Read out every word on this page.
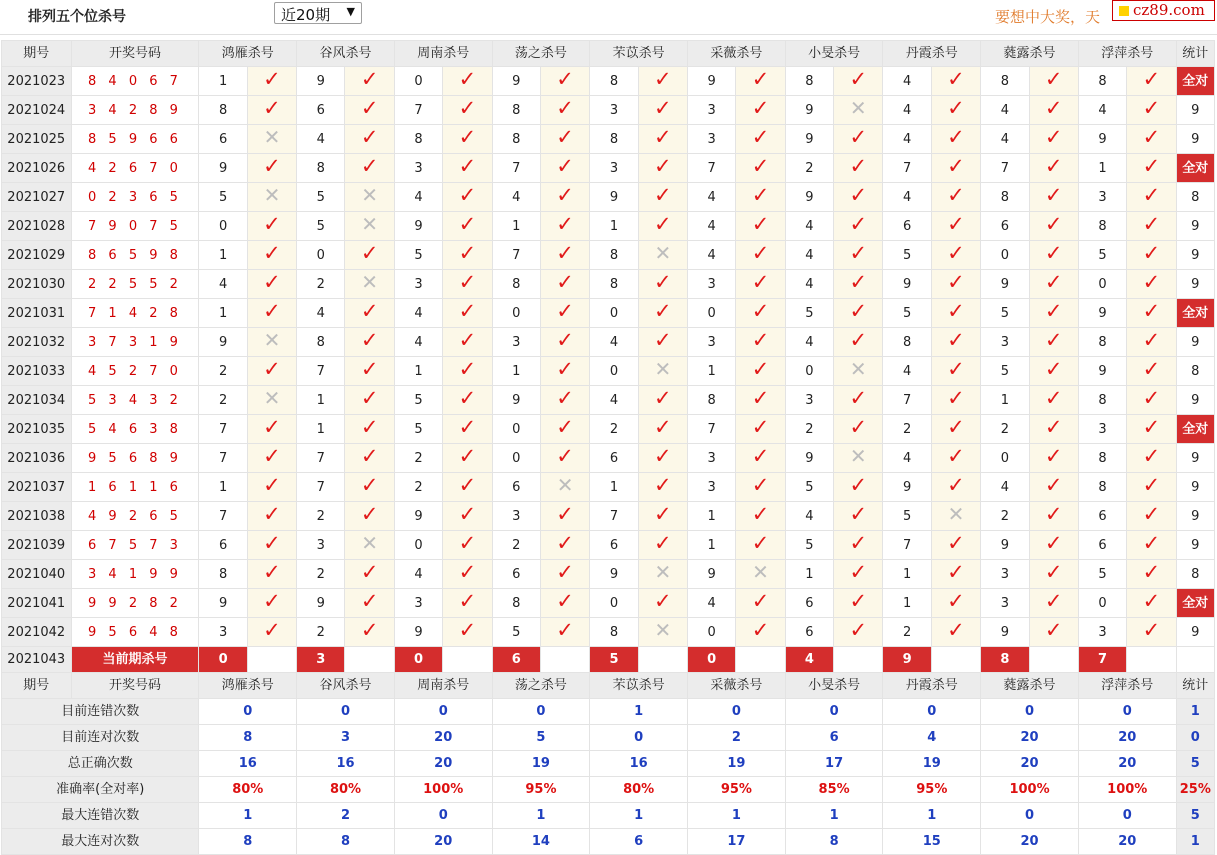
排列五个位杀号	近20期 ▼	要想中大奖，天 cz89.com
期号	开奖号码	鸿雁杀号		谷风杀号		周南杀号		荡之杀号		芣苡杀号		采薇杀号		小旻杀号		丹霞杀号		蕤露杀号		浮萍杀号		统计
2021023	8 4 0 6 7	1	✓	9	✓	0	✓	9	✓	8	✓	9	✓	8	✓	4	✓	8	✓	8	✓	全对
2021024	3 4 2 8 9	8	✓	6	✓	7	✓	8	✓	3	✓	3	✓	9	✕	4	✓	4	✓	4	✓	9
2021025	8 5 9 6 6	6	✕	4	✓	8	✓	8	✓	8	✓	3	✓	9	✓	4	✓	4	✓	9	✓	9
2021026	4 2 6 7 0	9	✓	8	✓	3	✓	7	✓	3	✓	7	✓	2	✓	7	✓	7	✓	1	✓	全对
2021027	0 2 3 6 5	5	✕	5	✕	4	✓	4	✓	9	✓	4	✓	9	✓	4	✓	8	✓	3	✓	8
2021028	7 9 0 7 5	0	✓	5	✕	9	✓	1	✓	1	✓	4	✓	4	✓	6	✓	6	✓	8	✓	9
2021029	8 6 5 9 8	1	✓	0	✓	5	✓	7	✓	8	✕	4	✓	4	✓	5	✓	0	✓	5	✓	9
2021030	2 2 5 5 2	4	✓	2	✕	3	✓	8	✓	8	✓	3	✓	4	✓	9	✓	9	✓	0	✓	9
2021031	7 1 4 2 8	1	✓	4	✓	4	✓	0	✓	0	✓	0	✓	5	✓	5	✓	5	✓	9	✓	全对
2021032	3 7 3 1 9	9	✕	8	✓	4	✓	3	✓	4	✓	3	✓	4	✓	8	✓	3	✓	8	✓	9
2021033	4 5 2 7 0	2	✓	7	✓	1	✓	1	✓	0	✕	1	✓	0	✕	4	✓	5	✓	9	✓	8
2021034	5 3 4 3 2	2	✕	1	✓	5	✓	9	✓	4	✓	8	✓	3	✓	7	✓	1	✓	8	✓	9
2021035	5 4 6 3 8	7	✓	1	✓	5	✓	0	✓	2	✓	7	✓	2	✓	2	✓	2	✓	3	✓	全对
2021036	9 5 6 8 9	7	✓	7	✓	2	✓	0	✓	6	✓	3	✓	9	✕	4	✓	0	✓	8	✓	9
2021037	1 6 1 1 6	1	✓	7	✓	2	✓	6	✕	1	✓	3	✓	5	✓	9	✓	4	✓	8	✓	9
2021038	4 9 2 6 5	7	✓	2	✓	9	✓	3	✓	7	✓	1	✓	4	✓	5	✕	2	✓	6	✓	9
2021039	6 7 5 7 3	6	✓	3	✕	0	✓	2	✓	6	✓	1	✓	5	✓	7	✓	9	✓	6	✓	9
2021040	3 4 1 9 9	8	✓	2	✓	4	✓	6	✓	9	✕	9	✕	1	✓	1	✓	3	✓	5	✓	8
2021041	9 9 2 8 2	9	✓	9	✓	3	✓	8	✓	0	✓	4	✓	6	✓	1	✓	3	✓	0	✓	全对
2021042	9 5 6 4 8	3	✓	2	✓	9	✓	5	✓	8	✕	0	✓	6	✓	2	✓	9	✓	3	✓	9
2021043	当前期杀号	0		3		0		6		5		0		4		9		8		7		
期号	开奖号码	鸿雁杀号		谷风杀号		周南杀号		荡之杀号		芣苡杀号		采薇杀号		小旻杀号		丹霞杀号		蕤露杀号		浮萍杀号		统计
目前连错次数		0		0		0		0		1		0		0		0		0		0		1
目前连对次数		8		3		20		5		0		2		6		4		20		20		0
总正确次数		16		16		20		19		16		19		17		19		20		20		5
准确率(全对率)		80%		80%		100%		95%		80%		95%		85%		95%		100%		100%		25%
最大连错次数		1		2		0		1		1		1		1		1		0		0		5
最大连对次数		8		8		20		14		6		17		8		15		20		20		1
